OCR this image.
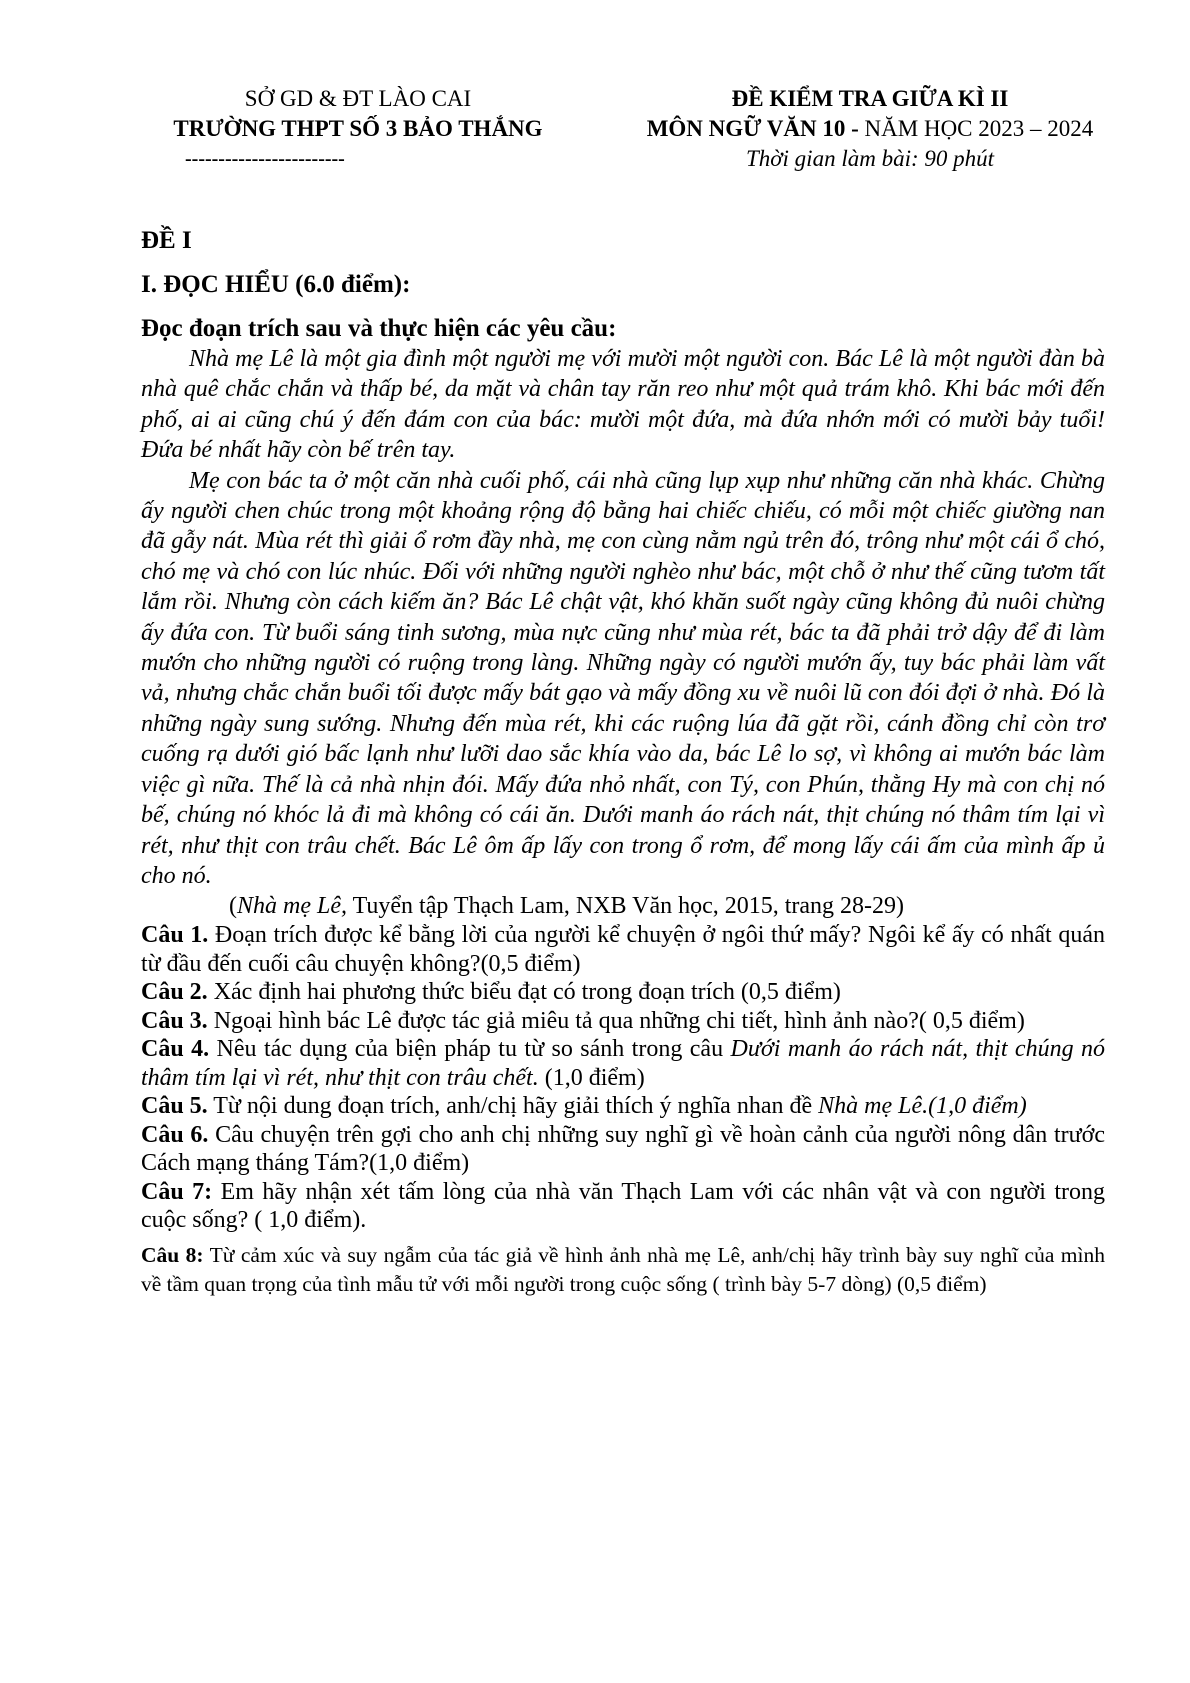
SỞ GD & ĐT LÀO CAI
TRƯỜNG THPT SỐ 3 BẢO THẮNG
------------------------
ĐỀ KIỂM TRA GIỮA KÌ II
MÔN NGỮ VĂN 10 - NĂM HỌC 2023 – 2024
Thời gian làm bài: 90 phút
ĐỀ I
I. ĐỌC HIỂU (6.0 điểm):
Đọc đoạn trích sau và thực hiện các yêu cầu:

Nhà mẹ Lê là một gia đình một người mẹ với mười một người con. Bác Lê là một người đàn bà nhà quê chắc chắn và thấp bé, da mặt và chân tay răn reo như một quả trám khô. Khi bác mới đến phố, ai ai cũng chú ý đến đám con của bác: mười một đứa, mà đứa nhớn mới có mười bảy tuổi! Đứa bé nhất hãy còn bế trên tay.

Mẹ con bác ta ở một căn nhà cuối phố, cái nhà cũng lụp xụp như những căn nhà khác. Chừng ấy người chen chúc trong một khoảng rộng độ bằng hai chiếc chiếu, có mỗi một chiếc giường nan đã gẫy nát. Mùa rét thì giải ổ rơm đầy nhà, mẹ con cùng nằm ngủ trên đó, trông như một cái ổ chó, chó mẹ và chó con lúc nhúc. Đối với những người nghèo như bác, một chỗ ở như thế cũng tươm tất lắm rồi. Nhưng còn cách kiếm ăn? Bác Lê chật vật, khó khăn suốt ngày cũng không đủ nuôi chừng ấy đứa con. Từ buổi sáng tinh sương, mùa nực cũng như mùa rét, bác ta đã phải trở dậy để đi làm mướn cho những người có ruộng trong làng. Những ngày có người mướn ấy, tuy bác phải làm vất vả, nhưng chắc chắn buổi tối được mấy bát gạo và mấy đồng xu về nuôi lũ con đói đợi ở nhà. Đó là những ngày sung sướng. Nhưng đến mùa rét, khi các ruộng lúa đã gặt rồi, cánh đồng chỉ còn trơ cuống rạ dưới gió bấc lạnh như lưỡi dao sắc khía vào da, bác Lê lo sợ, vì không ai mướn bác làm việc gì nữa. Thế là cả nhà nhịn đói. Mấy đứa nhỏ nhất, con Tý, con Phún, thằng Hy mà con chị nó bế, chúng nó khóc lả đi mà không có cái ăn. Dưới manh áo rách nát, thịt chúng nó thâm tím lại vì rét, như thịt con trâu chết. Bác Lê ôm ấp lấy con trong ổ rơm, để mong lấy cái ấm của mình ấp ủ cho nó.

(Nhà mẹ Lê, Tuyển tập Thạch Lam, NXB Văn học, 2015, trang 28-29)

Câu 1. Đoạn trích được kể bằng lời của người kể chuyện ở ngôi thứ mấy? Ngôi kể ấy có nhất quán từ đầu đến cuối câu chuyện không?(0,5 điểm)

Câu 2. Xác định hai phương thức biểu đạt có trong đoạn trích (0,5 điểm)

Câu 3. Ngoại hình bác Lê được tác giả miêu tả qua những chi tiết, hình ảnh nào?( 0,5 điểm)

Câu 4. Nêu tác dụng của biện pháp tu từ so sánh trong câu Dưới manh áo rách nát, thịt chúng nó thâm tím lại vì rét, như thịt con trâu chết. (1,0 điểm)

Câu 5. Từ nội dung đoạn trích, anh/chị hãy giải thích ý nghĩa nhan đề Nhà mẹ Lê.(1,0 điểm)

Câu 6. Câu chuyện trên gợi cho anh chị những suy nghĩ gì về hoàn cảnh của người nông dân trước Cách mạng tháng Tám?(1,0 điểm)

Câu 7: Em hãy nhận xét tấm lòng của nhà văn Thạch Lam với các nhân vật và con người trong cuộc sống? ( 1,0 điểm).

Câu 8: Từ cảm xúc và suy ngẫm của tác giả về hình ảnh nhà mẹ Lê, anh/chị hãy trình bày suy nghĩ của mình về tầm quan trọng của tình mẫu tử với mỗi người trong cuộc sống ( trình bày 5-7 dòng) (0,5 điểm)
